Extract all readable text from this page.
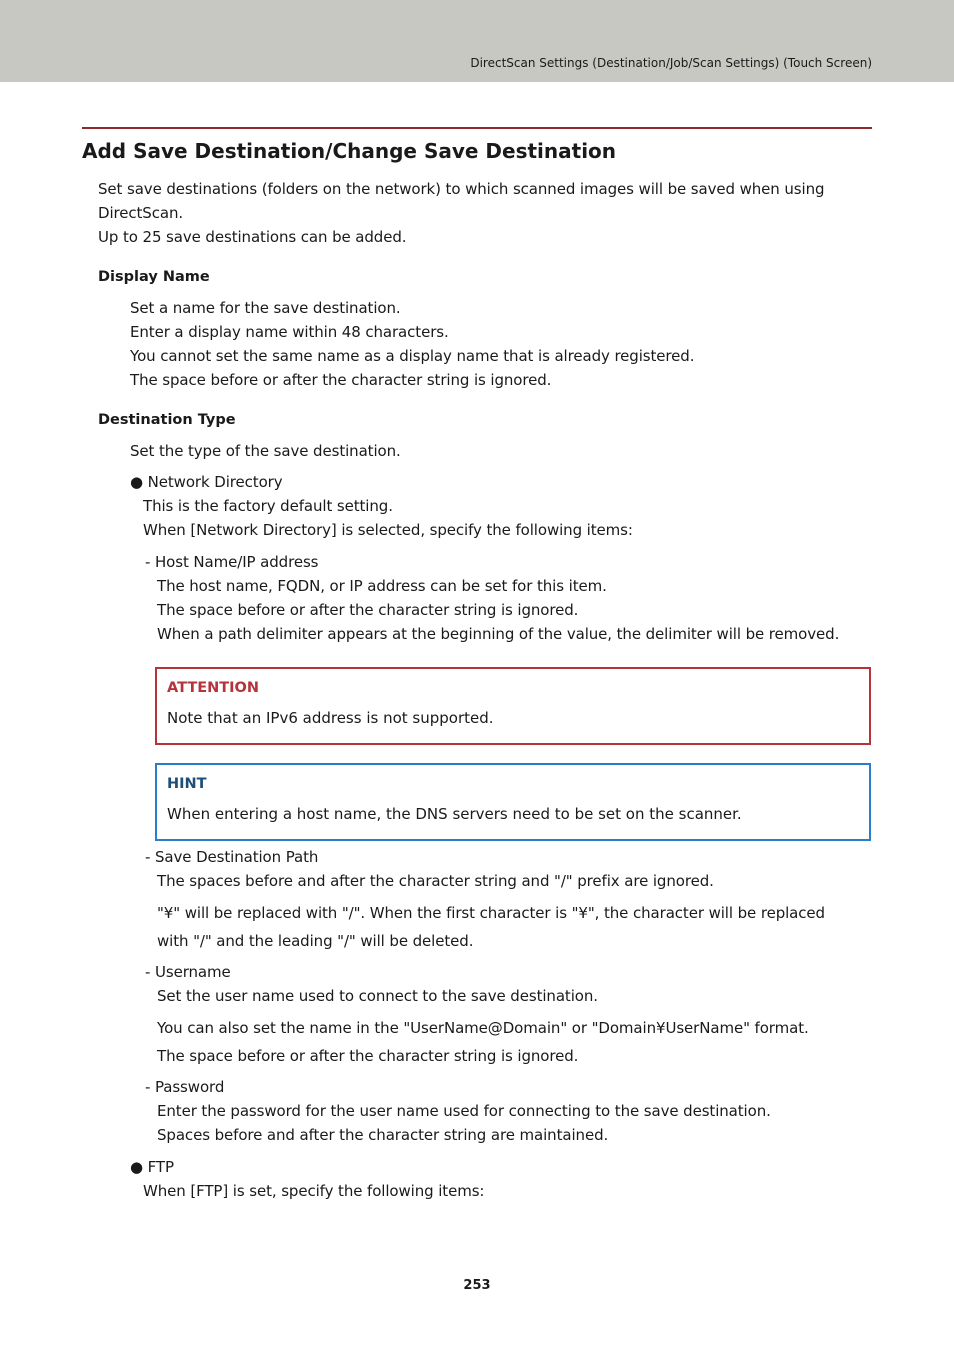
DirectScan Settings (Destination/Job/Scan Settings) (Touch Screen)
Add Save Destination/Change Save Destination
Set save destinations (folders on the network) to which scanned images will be saved when using
DirectScan.
Up to 25 save destinations can be added.
Display Name
Set a name for the save destination.
Enter a display name within 48 characters.
You cannot set the same name as a display name that is already registered.
The space before or after the character string is ignored.
Destination Type
Set the type of the save destination.
● Network Directory
This is the factory default setting.
When [Network Directory] is selected, specify the following items:
- Host Name/IP address
The host name, FQDN, or IP address can be set for this item.
The space before or after the character string is ignored.
When a path delimiter appears at the beginning of the value, the delimiter will be removed.
ATTENTION
Note that an IPv6 address is not supported.
HINT
When entering a host name, the DNS servers need to be set on the scanner.
- Save Destination Path
The spaces before and after the character string and "/" prefix are ignored.
"¥" will be replaced with "/". When the first character is "¥", the character will be replaced
with "/" and the leading "/" will be deleted.
- Username
Set the user name used to connect to the save destination.
You can also set the name in the "UserName@Domain" or "Domain¥UserName" format.
The space before or after the character string is ignored.
- Password
Enter the password for the user name used for connecting to the save destination.
Spaces before and after the character string are maintained.
● FTP
When [FTP] is set, specify the following items:
253
